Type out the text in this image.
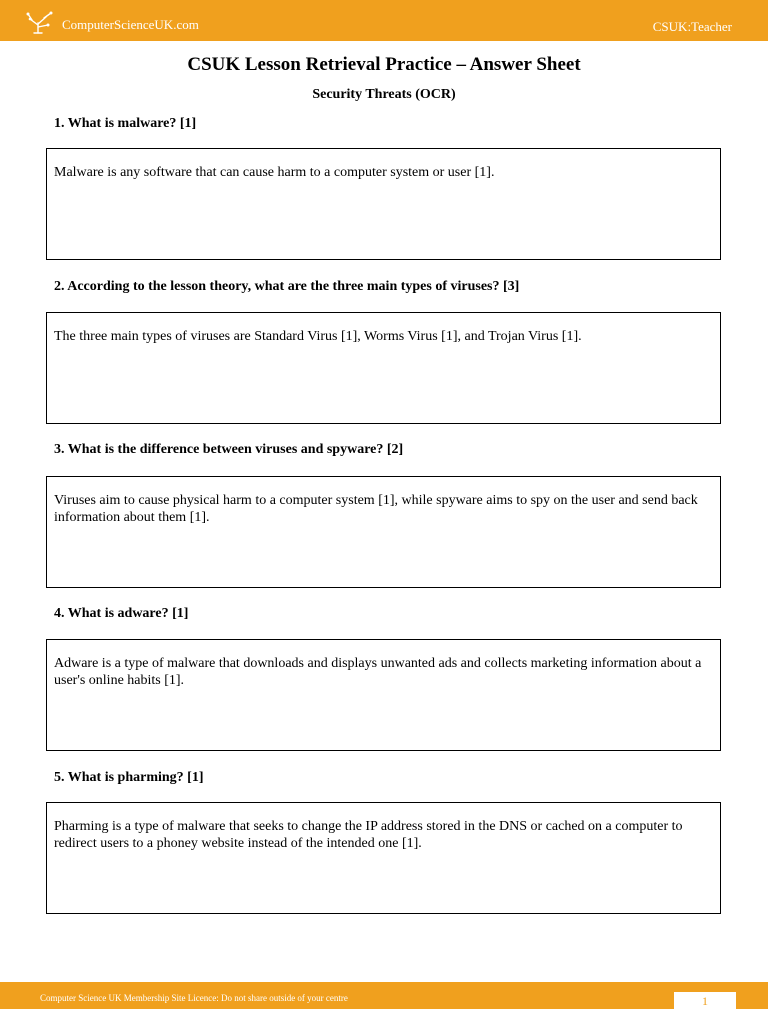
ComputerScienceUK.com	CSUK:Teacher
CSUK Lesson Retrieval Practice – Answer Sheet
Security Threats (OCR)
1. What is malware? [1]
Malware is any software that can cause harm to a computer system or user [1].
2. According to the lesson theory, what are the three main types of viruses? [3]
The three main types of viruses are Standard Virus [1], Worms Virus [1], and Trojan Virus [1].
3. What is the difference between viruses and spyware? [2]
Viruses aim to cause physical harm to a computer system [1], while spyware aims to spy on the user and send back information about them [1].
4. What is adware? [1]
Adware is a type of malware that downloads and displays unwanted ads and collects marketing information about a user's online habits [1].
5. What is pharming? [1]
Pharming is a type of malware that seeks to change the IP address stored in the DNS or cached on a computer to redirect users to a phoney website instead of the intended one [1].
Computer Science UK Membership Site Licence: Do not share outside of your centre	1
